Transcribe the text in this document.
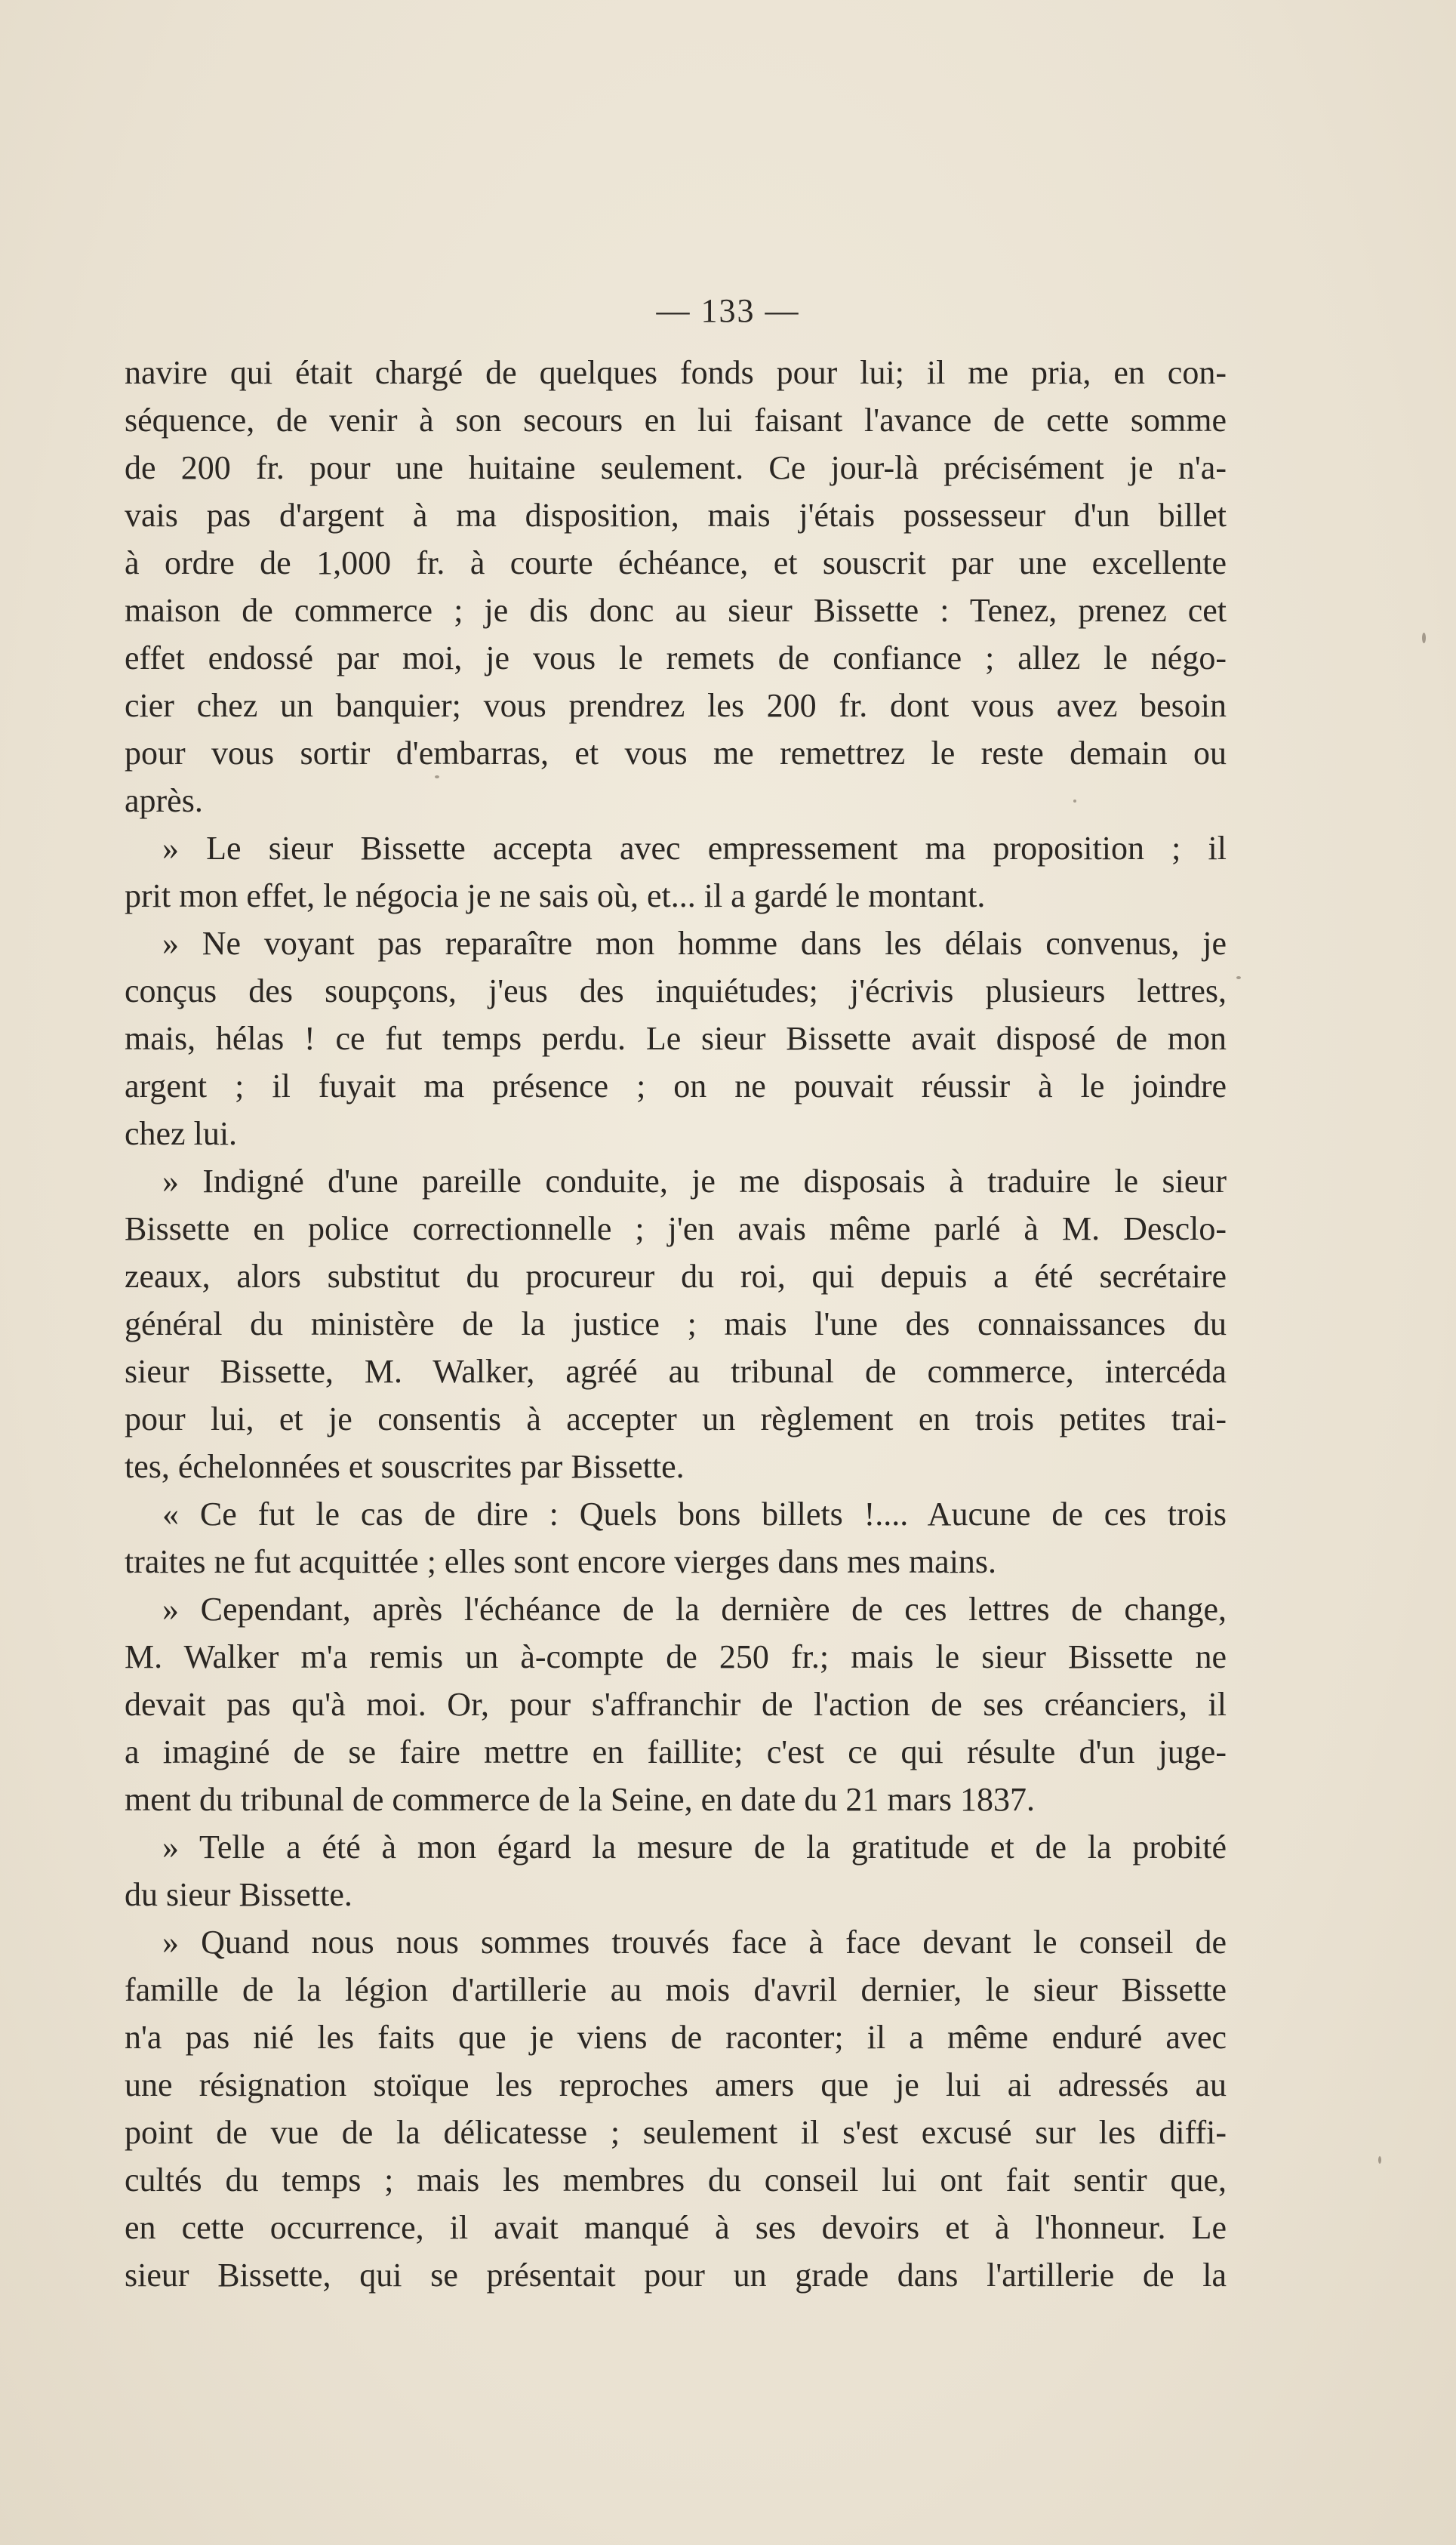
— 133 —
navire qui était chargé de quelques fonds pour lui; il me pria, en con-
séquence, de venir à son secours en lui faisant l'avance de cette somme
de 200 fr. pour une huitaine seulement. Ce jour-là précisément je n'a-
vais pas d'argent à ma disposition, mais j'étais possesseur d'un billet
à ordre de 1,000 fr. à courte échéance, et souscrit par une excellente
maison de commerce ; je dis donc au sieur Bissette : Tenez, prenez cet
effet endossé par moi, je vous le remets de confiance ; allez le négo-
cier chez un banquier; vous prendrez les 200 fr. dont vous avez besoin
pour vous sortir d'embarras, et vous me remettrez le reste demain ou
après.
» Le sieur Bissette accepta avec empressement ma proposition ; il
prit mon effet, le négocia je ne sais où, et... il a gardé le montant.
» Ne voyant pas reparaître mon homme dans les délais convenus, je
conçus des soupçons, j'eus des inquiétudes; j'écrivis plusieurs lettres,
mais, hélas ! ce fut temps perdu. Le sieur Bissette avait disposé de mon
argent ; il fuyait ma présence ; on ne pouvait réussir à le joindre
chez lui.
» Indigné d'une pareille conduite, je me disposais à traduire le sieur
Bissette en police correctionnelle ; j'en avais même parlé à M. Desclo-
zeaux, alors substitut du procureur du roi, qui depuis a été secrétaire
général du ministère de la justice ; mais l'une des connaissances du
sieur Bissette, M. Walker, agréé au tribunal de commerce, intercéda
pour lui, et je consentis à accepter un règlement en trois petites trai-
tes, échelonnées et souscrites par Bissette.
« Ce fut le cas de dire : Quels bons billets !.... Aucune de ces trois
traites ne fut acquittée ; elles sont encore vierges dans mes mains.
» Cependant, après l'échéance de la dernière de ces lettres de change,
M. Walker m'a remis un à-compte de 250 fr.; mais le sieur Bissette ne
devait pas qu'à moi. Or, pour s'affranchir de l'action de ses créanciers, il
a imaginé de se faire mettre en faillite; c'est ce qui résulte d'un juge-
ment du tribunal de commerce de la Seine, en date du 21 mars 1837.
» Telle a été à mon égard la mesure de la gratitude et de la probité
du sieur Bissette.
» Quand nous nous sommes trouvés face à face devant le conseil de
famille de la légion d'artillerie au mois d'avril dernier, le sieur Bissette
n'a pas nié les faits que je viens de raconter; il a même enduré avec
une résignation stoïque les reproches amers que je lui ai adressés au
point de vue de la délicatesse ; seulement il s'est excusé sur les diffi-
cultés du temps ; mais les membres du conseil lui ont fait sentir que,
en cette occurrence, il avait manqué à ses devoirs et à l'honneur. Le
sieur Bissette, qui se présentait pour un grade dans l'artillerie de la
